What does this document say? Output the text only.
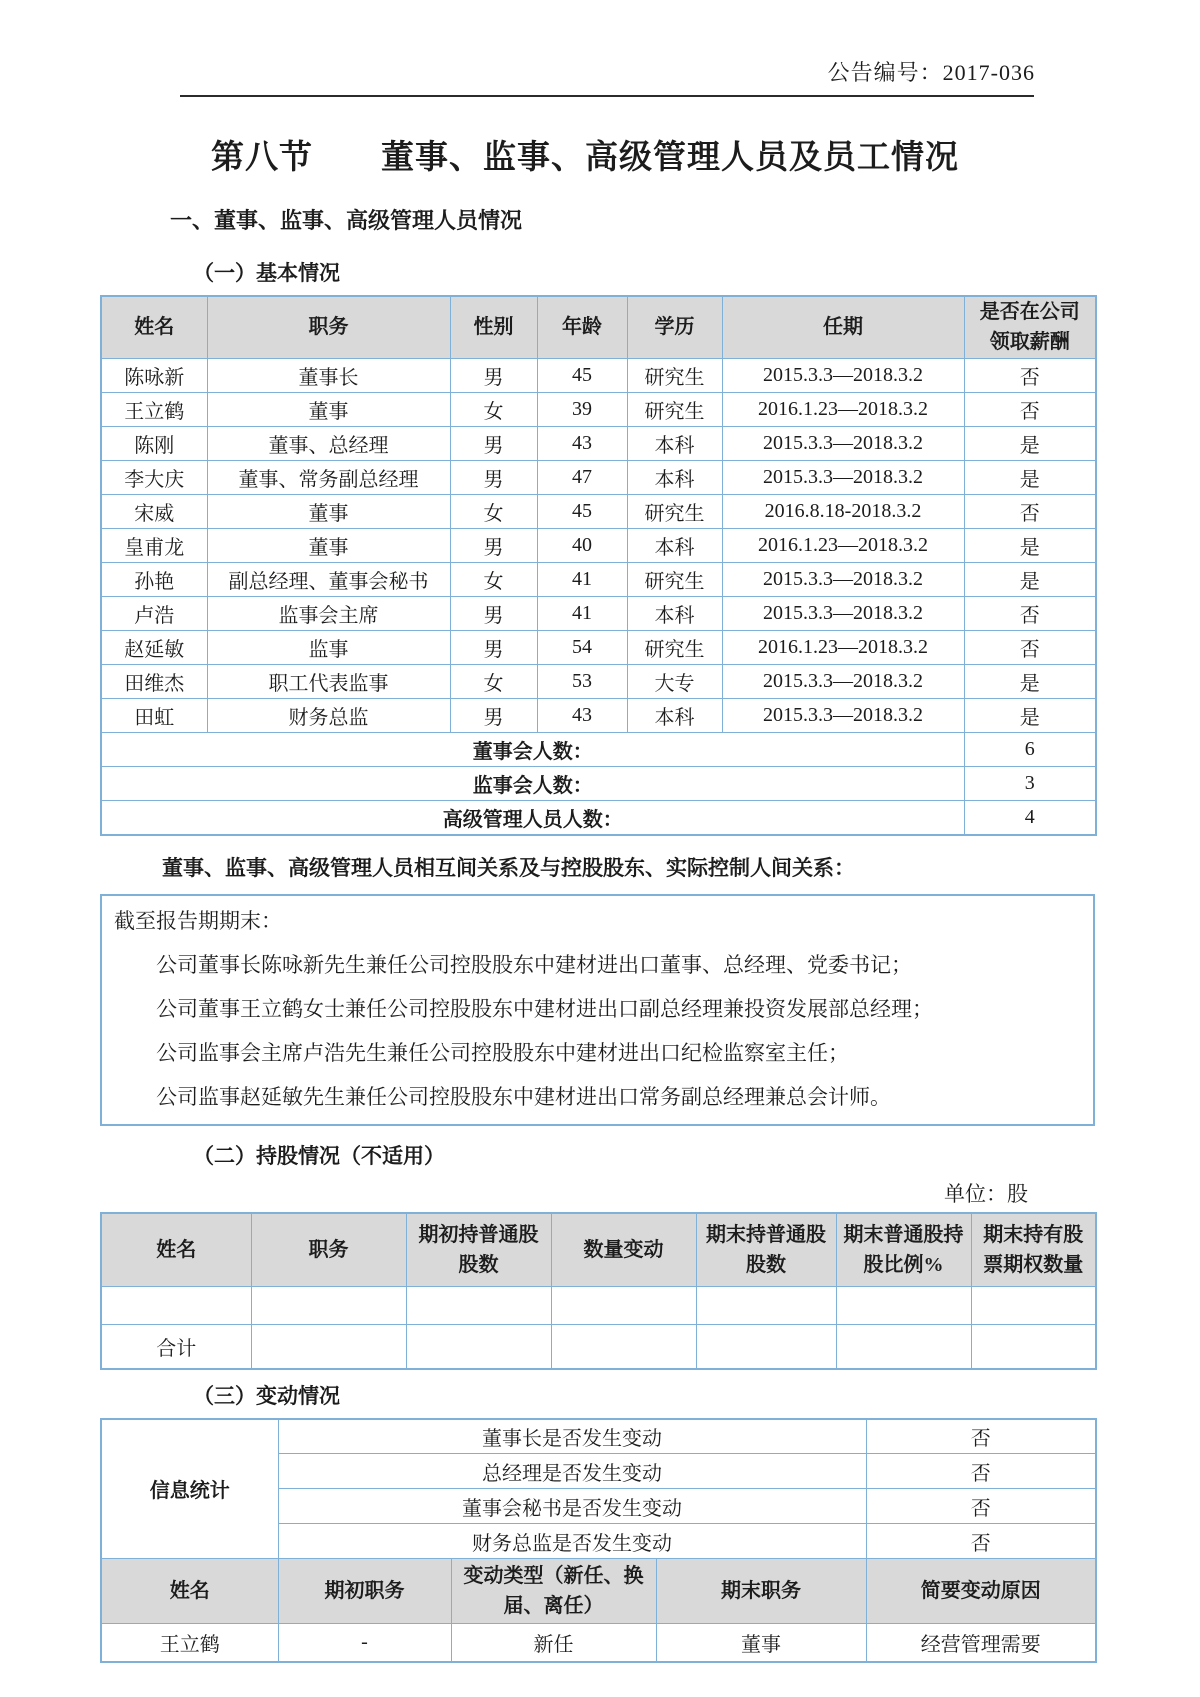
公告编号：2017-036
第八节　　董事、监事、高级管理人员及员工情况
一、董事、监事、高级管理人员情况
（一）基本情况
姓名	职务	性别	年龄	学历	任期	是否在公司领取薪酬
陈咏新	董事长	男	45	研究生	2015.3.3—2018.3.2	否
王立鹤	董事	女	39	研究生	2016.1.23—2018.3.2	否
陈刚	董事、总经理	男	43	本科	2015.3.3—2018.3.2	是
李大庆	董事、常务副总经理	男	47	本科	2015.3.3—2018.3.2	是
宋威	董事	女	45	研究生	2016.8.18-2018.3.2	否
皇甫龙	董事	男	40	本科	2016.1.23—2018.3.2	是
孙艳	副总经理、董事会秘书	女	41	研究生	2015.3.3—2018.3.2	是
卢浩	监事会主席	男	41	本科	2015.3.3—2018.3.2	否
赵延敏	监事	男	54	研究生	2016.1.23—2018.3.2	否
田维杰	职工代表监事	女	53	大专	2015.3.3—2018.3.2	是
田虹	财务总监	男	43	本科	2015.3.3—2018.3.2	是
董事会人数：						6
监事会人数：						3
高级管理人员人数：						4
董事、监事、高级管理人员相互间关系及与控股股东、实际控制人间关系：

截至报告期期末：

公司董事长陈咏新先生兼任公司控股股东中建材进出口董事、总经理、党委书记；

公司董事王立鹤女士兼任公司控股股东中建材进出口副总经理兼投资发展部总经理；

公司监事会主席卢浩先生兼任公司控股股东中建材进出口纪检监察室主任；

公司监事赵延敏先生兼任公司控股股东中建材进出口常务副总经理兼总会计师。

（二）持股情况（不适用）
单位：股
姓名	职务	期初持普通股股数	数量变动	期末持普通股股数	期末普通股持股比例%	期末持有股票期权数量

合计						
（三）变动情况
信息统计	董事长是否发生变动			否
	总经理是否发生变动			否
	董事会秘书是否发生变动			否
	财务总监是否发生变动			否
姓名	期初职务	变动类型（新任、换届、离任）	期末职务	简要变动原因
王立鹤	-	新任	董事	经营管理需要
